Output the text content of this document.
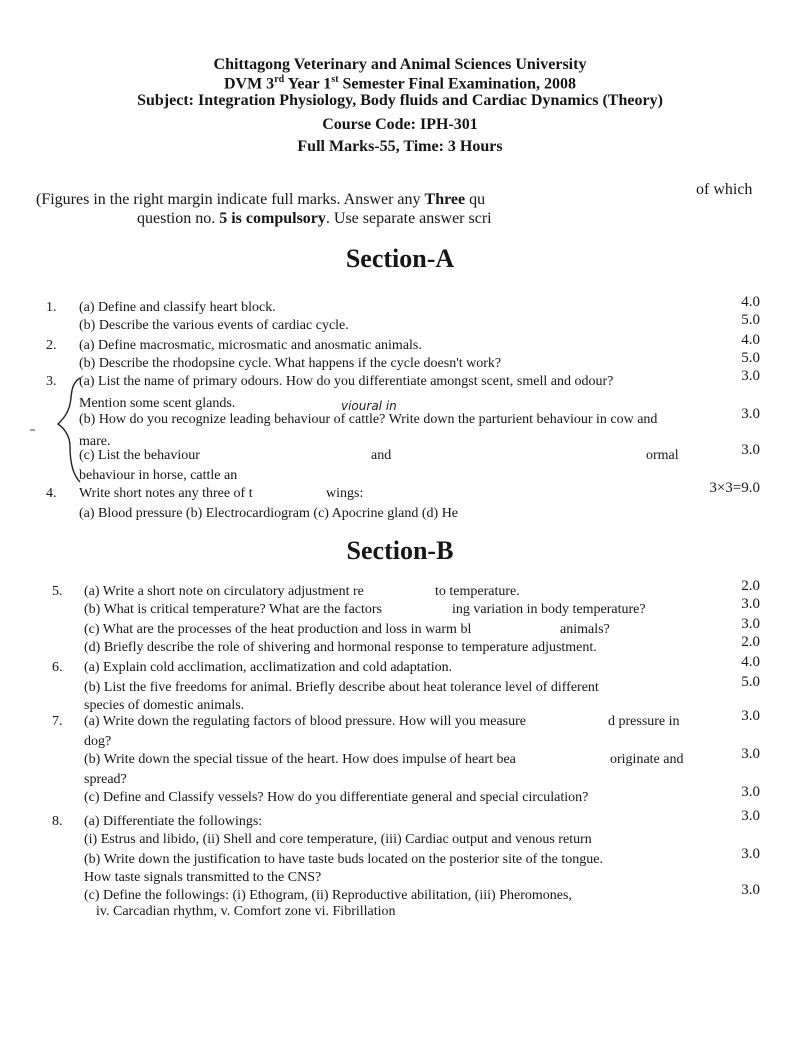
Chittagong Veterinary and Animal Sciences University
DVM 3rd Year 1st Semester Final Examination, 2008
Subject: Integration Physiology, Body fluids and Cardiac Dynamics (Theory)
Course Code: IPH-301
Full Marks-55, Time: 3 Hours
(Figures in the right margin indicate full marks. Answer any Three qu
of which
question no. 5 is compulsory. Use separate answer scri
Section-A
1. (a) Define and classify heart block.	4.0
(b) Describe the various events of cardiac cycle.	5.0
2. (a) Define macrosmatic, microsmatic and anosmatic animals.	4.0
(b) Describe the rhodopsine cycle. What happens if the cycle doesn't work?	5.0
3. (a) List the name of primary odours. How do you differentiate amongst scent, smell and odour?	3.0
Mention some scent glands.
(b) How do you recognize leading behaviour of cattle? Write down the parturient behaviour in cow and	3.0
mare.
(c) List the behaviour	3.0
behaviour in horse, cattle an
4. Write short notes any three of t	3×3=9.0
(a) Blood pressure (b) Electrocardiogram (c) Apocrine gland (d) He
and	ormal
wings:
Section-B
5. (a) Write a short note on circulatory adjustment re	2.0
(b) What is critical temperature? What are the factors	3.0
(c) What are the processes of the heat production and loss in warm bl	3.0
(d) Briefly describe the role of shivering and hormonal response to temperature adjustment.	2.0
6. (a) Explain cold acclimation, acclimatization and cold adaptation.	4.0
(b) List the five freedoms for animal. Briefly describe about heat tolerance level of different	5.0
species of domestic animals.
7. (a) Write down the regulating factors of blood pressure. How will you measure	3.0
dog?
(b) Write down the special tissue of the heart. How does impulse of heart bea	3.0
spread?
(c) Define and Classify vessels? How do you differentiate general and special circulation?	3.0
8. (a) Differentiate the followings:	3.0
(i) Estrus and libido, (ii) Shell and core temperature, (iii) Cardiac output and venous return
(b) Write down the justification to have taste buds located on the posterior site of the tongue.	3.0
How taste signals transmitted to the CNS?
(c) Define the followings: (i) Ethogram, (ii) Reproductive abilitation, (iii) Pheromones,	3.0
iv. Carcadian rhythm, v. Comfort zone vi. Fibrillation
to temperature.
ing variation in body temperature?
animals?
d pressure in
originate and
vioural in
